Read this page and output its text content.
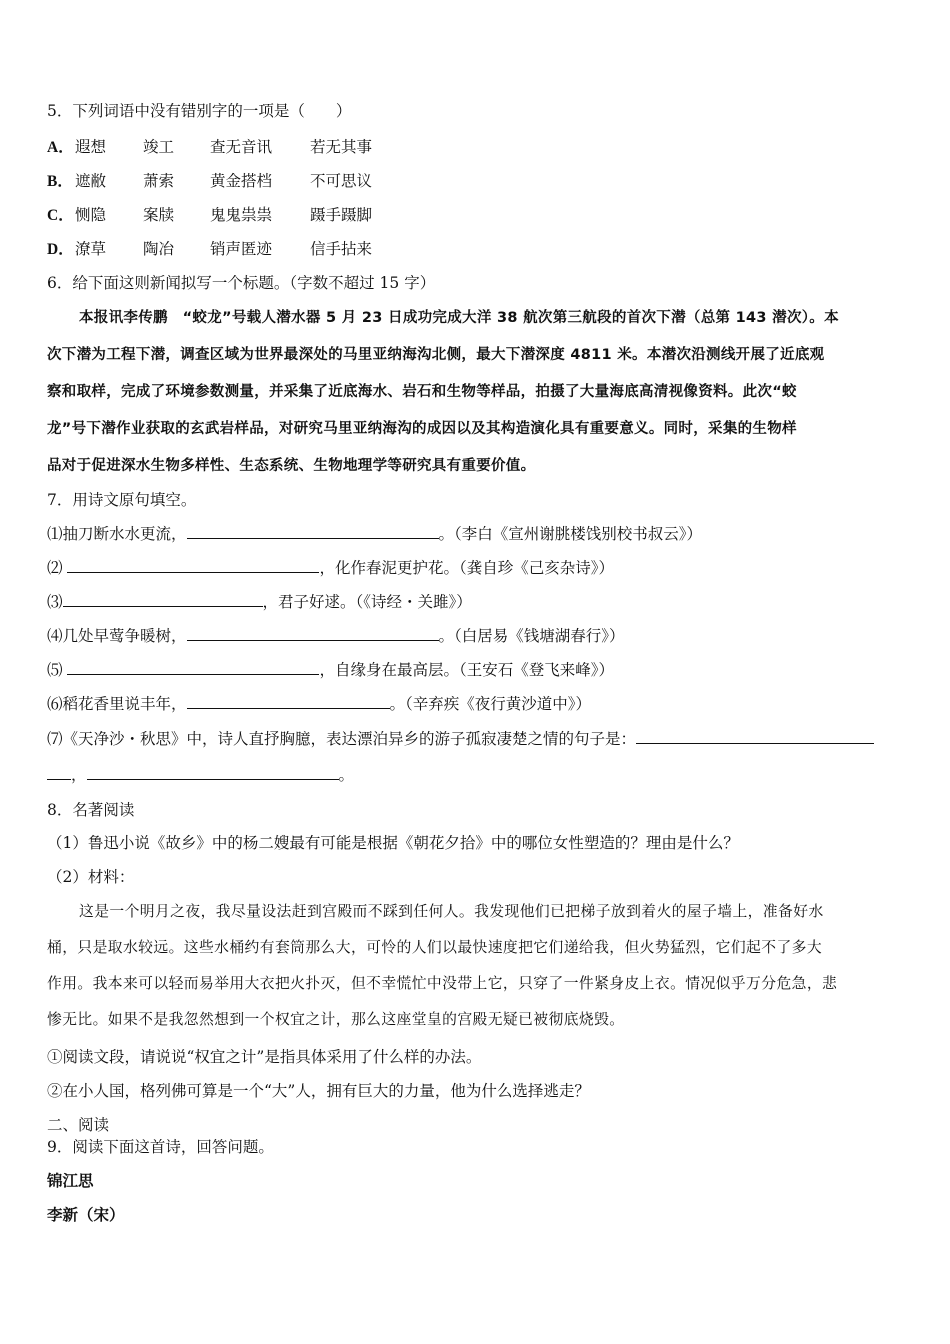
5．下列词语中没有错别字的一项是（　　）
A．遐想 竣工 查无音讯 若无其事
B． 遮敝 萧索 黄金搭档 不可思议
C．恻隐 案牍 鬼鬼祟祟 蹑手蹑脚
D．潦草 陶冶 销声匿迹 信手拈来
6．给下面这则新闻拟写一个标题。（字数不超过 15 字）
本报讯李传鹏　“蛟龙”号载人潜水器 5 月 23 日成功完成大洋 38 航次第三航段的首次下潜（总第 143 潜次）。本
次下潜为工程下潜，调查区域为世界最深处的马里亚纳海沟北侧，最大下潜深度 4811 米。本潜次沿测线开展了近底观
察和取样，完成了环境参数测量，并采集了近底海水、岩石和生物等样品，拍摄了大量海底高清视像资料。此次“蛟
龙”号下潜作业获取的玄武岩样品，对研究马里亚纳海沟的成因以及其构造演化具有重要意义。同时，采集的生物样
品对于促进深水生物多样性、生态系统、生物地理学等研究具有重要价值。
7．用诗文原句填空。
⑴抽刀断水水更流，	。（李白《宣州谢朓楼饯别校书叔云》）
⑵	，化作春泥更护花。（龚自珍《己亥杂诗》）
⑶	，君子好逑。（《诗经・关雎》）
⑷几处早莺争暖树，	。（白居易《钱塘湖春行》）
⑸	，自缘身在最高层。（王安石《登飞来峰》）
⑹稻花香里说丰年，	。（辛弃疾《夜行黄沙道中》）
⑺《天净沙・秋思》中，诗人直抒胸臆，表达漂泊异乡的游子孤寂凄楚之情的句子是：
，	。
8．名著阅读
（1）鲁迅小说《故乡》中的杨二嫂最有可能是根据《朝花夕拾》中的哪位女性塑造的？理由是什么？
（2）材料：
这是一个明月之夜，我尽量设法赶到宫殿而不踩到任何人。我发现他们已把梯子放到着火的屋子墙上，准备好水
桶，只是取水较远。这些水桶约有套筒那么大，可怜的人们以最快速度把它们递给我，但火势猛烈，它们起不了多大
作用。我本来可以轻而易举用大衣把火扑灭，但不幸慌忙中没带上它，只穿了一件紧身皮上衣。情况似乎万分危急，悲
惨无比。如果不是我忽然想到一个权宜之计，那么这座堂皇的宫殿无疑已被彻底烧毁。
①阅读文段，请说说“权宜之计”是指具体采用了什么样的办法。
②在小人国，格列佛可算是一个“大”人，拥有巨大的力量，他为什么选择逃走？
二、阅读
9．阅读下面这首诗，回答问题。
锦江思
李新（宋）
